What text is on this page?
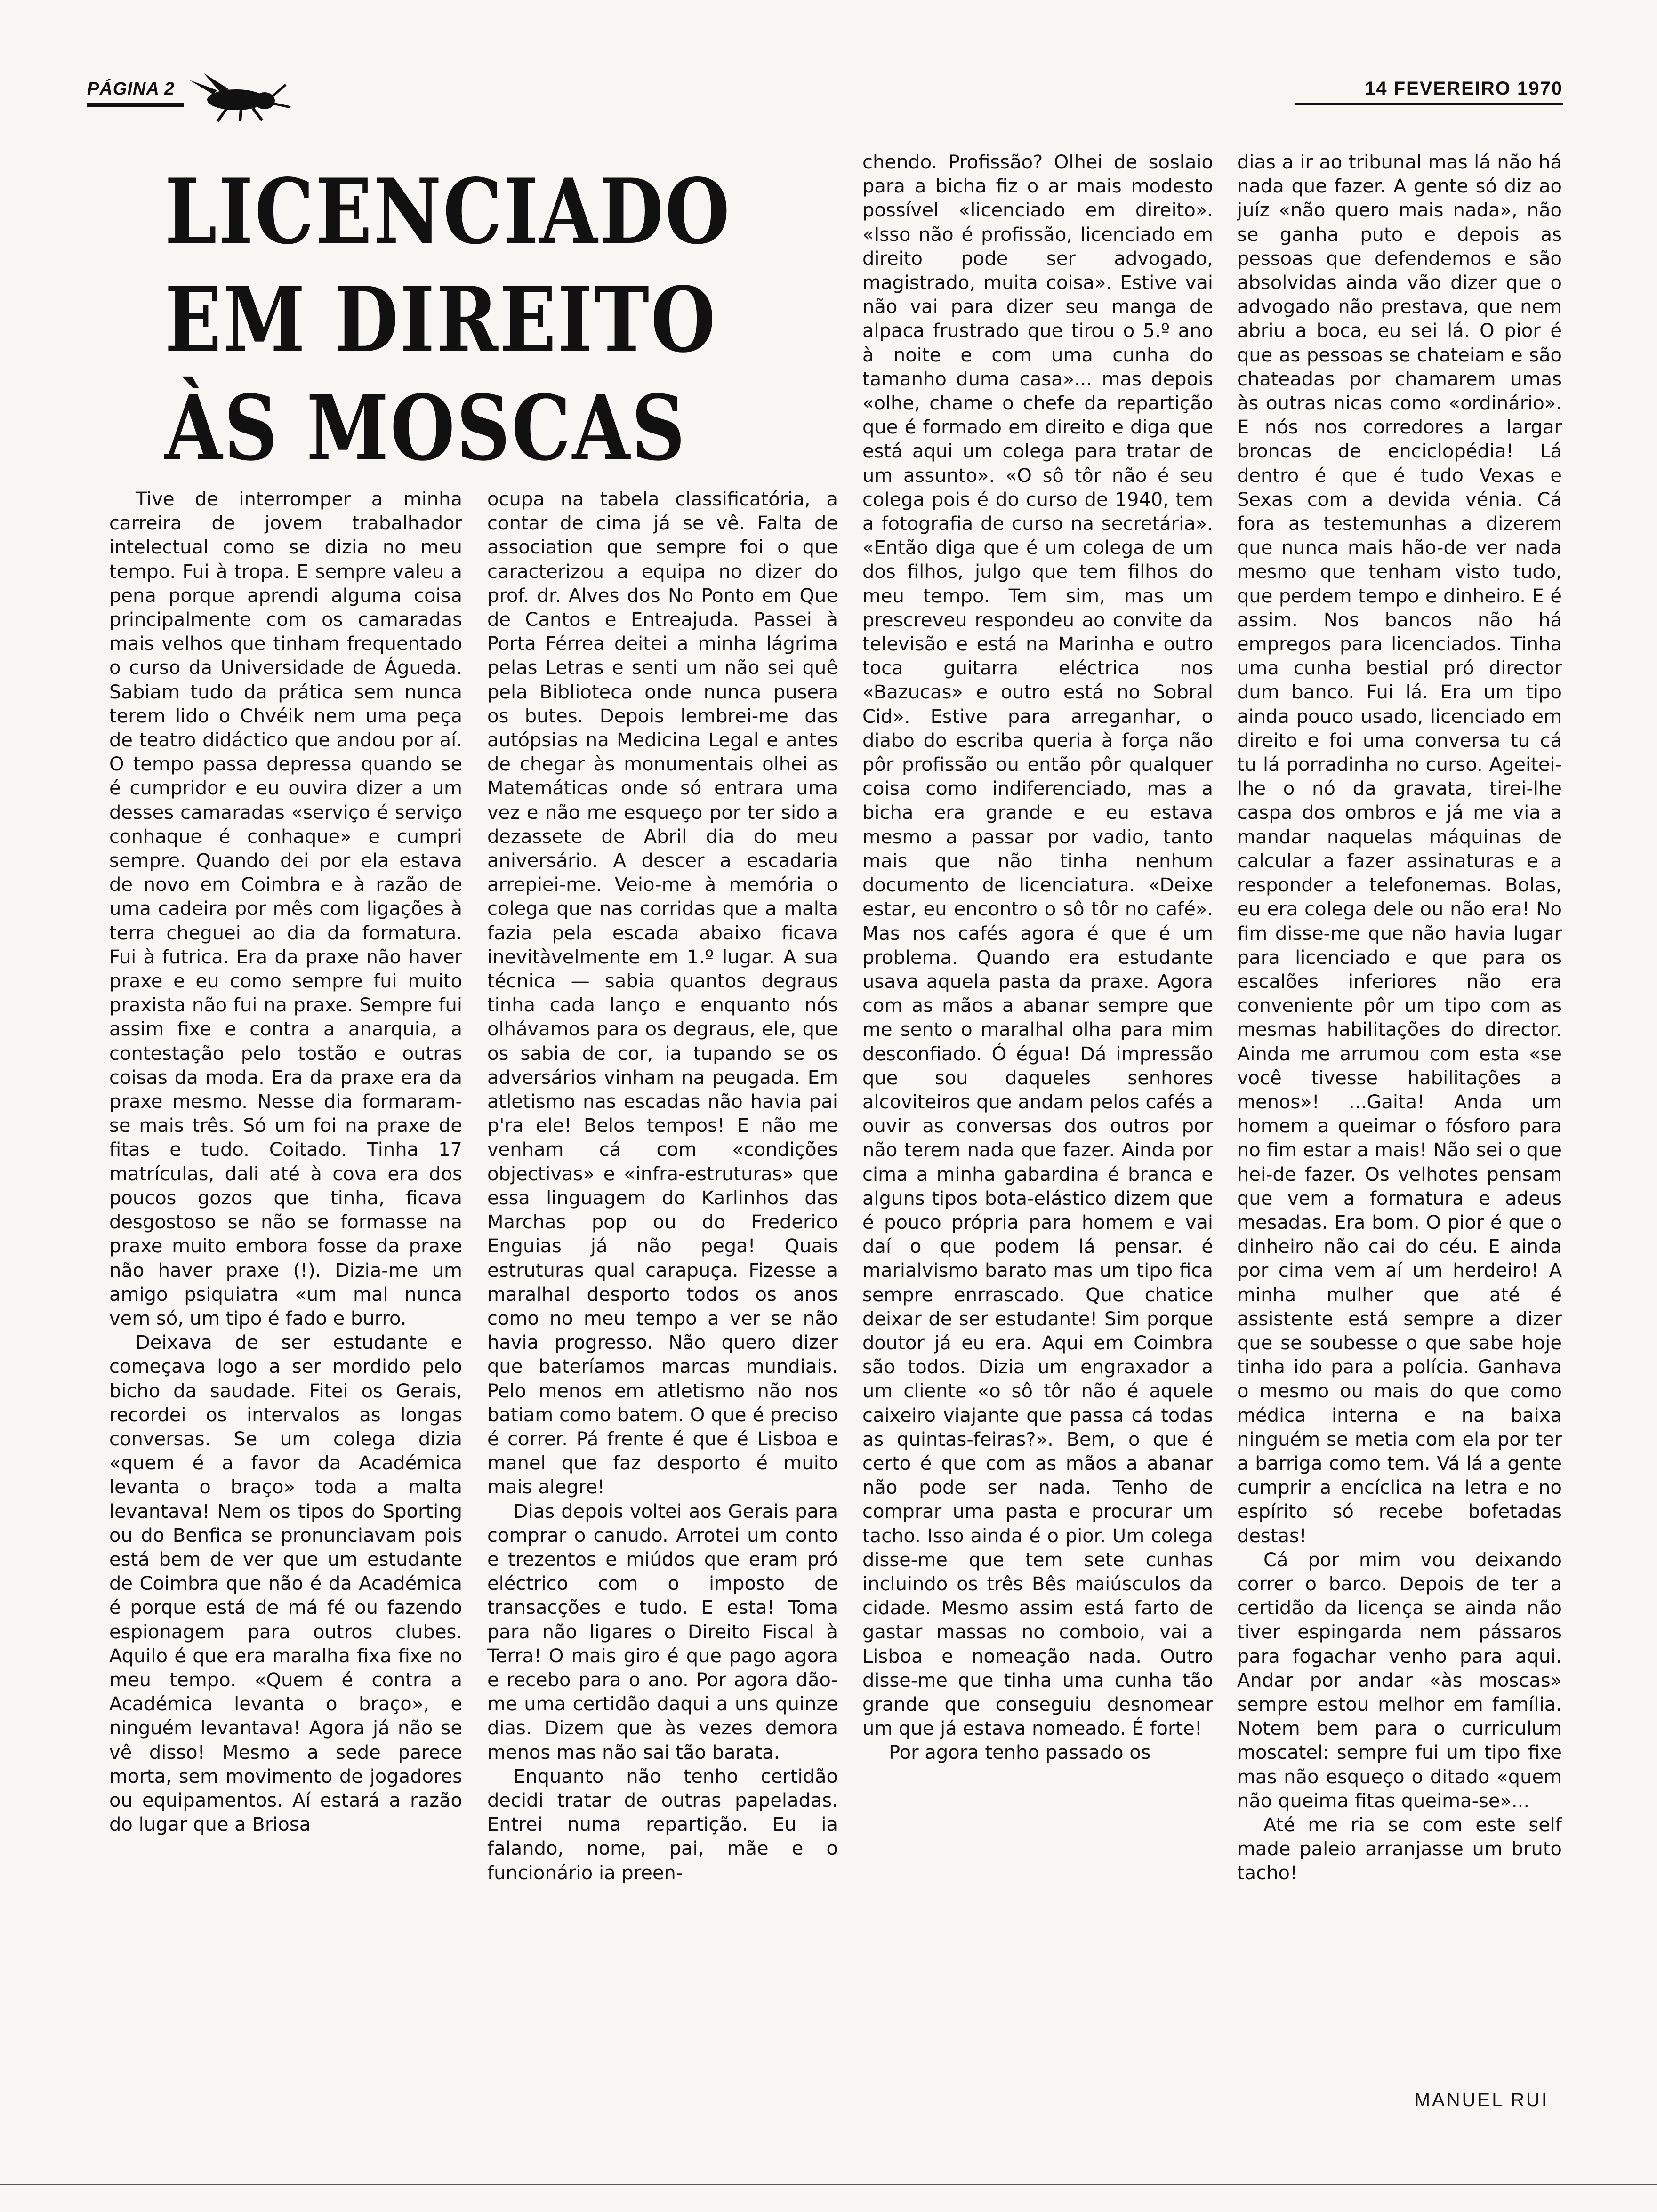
PÁGINA 2	14 FEVEREIRO 1970
LICENCIADO
EM DIREITO
ÀS MOSCAS

Tive de interromper a minha carreira de jovem trabalhador intelectual como se dizia no meu tempo. Fui à tropa. E sempre valeu a pena porque aprendi alguma coisa principalmente com os camaradas mais velhos que tinham frequentado o curso da Universidade de Águeda. Sabiam tudo da prática sem nunca terem lido o Chvéik nem uma peça de teatro didáctico que andou por aí. O tempo passa depressa quando se é cumpridor e eu ouvira dizer a um desses camaradas «serviço é serviço conhaque é conhaque» e cumpri sempre. Quando dei por ela estava de novo em Coimbra e à razão de uma cadeira por mês com ligações à terra cheguei ao dia da formatura. Fui à futrica. Era da praxe não haver praxe e eu como sempre fui muito praxista não fui na praxe. Sempre fui assim fixe e contra a anarquia, a contestação pelo tostão e outras coisas da moda. Era da praxe era da praxe mesmo. Nesse dia formaram-se mais três. Só um foi na praxe de fitas e tudo. Coitado. Tinha 17 matrículas, dali até à cova era dos poucos gozos que tinha, ficava desgostoso se não se formasse na praxe muito embora fosse da praxe não haver praxe (!). Dizia-me um amigo psiquiatra «um mal nunca vem só, um tipo é fado e burro.

Deixava de ser estudante e começava logo a ser mordido pelo bicho da saudade. Fitei os Gerais, recordei os intervalos as longas conversas. Se um colega dizia «quem é a favor da Académica levanta o braço» toda a malta levantava! Nem os tipos do Sporting ou do Benfica se pronunciavam pois está bem de ver que um estudante de Coimbra que não é da Académica é porque está de má fé ou fazendo espionagem para outros clubes. Aquilo é que era maralha fixa fixe no meu tempo. «Quem é contra a Académica levanta o braço», e ninguém levantava! Agora já não se vê disso! Mesmo a sede parece morta, sem movimento de jogadores ou equipamentos. Aí estará a razão do lugar que a Briosa

ocupa na tabela classificatória, a contar de cima já se vê. Falta de association que sempre foi o que caracterizou a equipa no dizer do prof. dr. Alves dos No Ponto em Que de Cantos e Entreajuda. Passei à Porta Férrea deitei a minha lágrima pelas Letras e senti um não sei quê pela Biblioteca onde nunca pusera os butes. Depois lembrei-me das autópsias na Medicina Legal e antes de chegar às monumentais olhei as Matemáticas onde só entrara uma vez e não me esqueço por ter sido a dezassete de Abril dia do meu aniversário. A descer a escadaria arrepiei-me. Veio-me à memória o colega que nas corridas que a malta fazia pela escada abaixo ficava inevitàvelmente em 1.º lugar. A sua técnica — sabia quantos degraus tinha cada lanço e enquanto nós olhávamos para os degraus, ele, que os sabia de cor, ia tupando se os adversários vinham na peugada. Em atletismo nas escadas não havia pai p'ra ele! Belos tempos! E não me venham cá com «condições objectivas» e «infra-estruturas» que essa linguagem do Karlinhos das Marchas pop ou do Frederico Enguias já não pega! Quais estruturas qual carapuça. Fizesse a maralhal desporto todos os anos como no meu tempo a ver se não havia progresso. Não quero dizer que bateríamos marcas mundiais. Pelo menos em atletismo não nos batiam como batem. O que é preciso é correr. Pá frente é que é Lisboa e manel que faz desporto é muito mais alegre!

Dias depois voltei aos Gerais para comprar o canudo. Arrotei um conto e trezentos e miúdos que eram pró eléctrico com o imposto de transacções e tudo. E esta! Toma para não ligares o Direito Fiscal à Terra! O mais giro é que pago agora e recebo para o ano. Por agora dão-me uma certidão daqui a uns quinze dias. Dizem que às vezes demora menos mas não sai tão barata.

Enquanto não tenho certidão decidi tratar de outras papeladas. Entrei numa repartição. Eu ia falando, nome, pai, mãe e o funcionário ia preen-

chendo. Profissão? Olhei de soslaio para a bicha fiz o ar mais modesto possível «licenciado em direito». «Isso não é profissão, licenciado em direito pode ser advogado, magistrado, muita coisa». Estive vai não vai para dizer seu manga de alpaca frustrado que tirou o 5.º ano à noite e com uma cunha do tamanho duma casa»... mas depois «olhe, chame o chefe da repartição que é formado em direito e diga que está aqui um colega para tratar de um assunto». «O sô tôr não é seu colega pois é do curso de 1940, tem a fotografia de curso na secretária». «Então diga que é um colega de um dos filhos, julgo que tem filhos do meu tempo. Tem sim, mas um prescreveu respondeu ao convite da televisão e está na Marinha e outro toca guitarra eléctrica nos «Bazucas» e outro está no Sobral Cid». Estive para arreganhar, o diabo do escriba queria à força não pôr profissão ou então pôr qualquer coisa como indiferenciado, mas a bicha era grande e eu estava mesmo a passar por vadio, tanto mais que não tinha nenhum documento de licenciatura. «Deixe estar, eu encontro o sô tôr no café». Mas nos cafés agora é que é um problema. Quando era estudante usava aquela pasta da praxe. Agora com as mãos a abanar sempre que me sento o maralhal olha para mim desconfiado. Ó égua! Dá impressão que sou daqueles senhores alcoviteiros que andam pelos cafés a ouvir as conversas dos outros por não terem nada que fazer. Ainda por cima a minha gabardina é branca e alguns tipos bota-elástico dizem que é pouco própria para homem e vai daí o que podem lá pensar. é marialvismo barato mas um tipo fica sempre enrrascado. Que chatice deixar de ser estudante! Sim porque doutor já eu era. Aqui em Coimbra são todos. Dizia um engraxador a um cliente «o sô tôr não é aquele caixeiro viajante que passa cá todas as quintas-feiras?». Bem, o que é certo é que com as mãos a abanar não pode ser nada. Tenho de comprar uma pasta e procurar um tacho. Isso ainda é o pior. Um colega disse-me que tem sete cunhas incluindo os três Bês maiúsculos da cidade. Mesmo assim está farto de gastar massas no comboio, vai a Lisboa e nomeação nada. Outro disse-me que tinha uma cunha tão grande que conseguiu desnomear um que já estava nomeado. É forte!

Por agora tenho passado os

dias a ir ao tribunal mas lá não há nada que fazer. A gente só diz ao juíz «não quero mais nada», não se ganha puto e depois as pessoas que defendemos e são absolvidas ainda vão dizer que o advogado não prestava, que nem abriu a boca, eu sei lá. O pior é que as pessoas se chateiam e são chateadas por chamarem umas às outras nicas como «ordinário». E nós nos corredores a largar broncas de enciclopédia! Lá dentro é que é tudo Vexas e Sexas com a devida vénia. Cá fora as testemunhas a dizerem que nunca mais hão-de ver nada mesmo que tenham visto tudo, que perdem tempo e dinheiro. E é assim. Nos bancos não há empregos para licenciados. Tinha uma cunha bestial pró director dum banco. Fui lá. Era um tipo ainda pouco usado, licenciado em direito e foi uma conversa tu cá tu lá porradinha no curso. Ageitei-lhe o nó da gravata, tirei-lhe caspa dos ombros e já me via a mandar naquelas máquinas de calcular a fazer assinaturas e a responder a telefonemas. Bolas, eu era colega dele ou não era! No fim disse-me que não havia lugar para licenciado e que para os escalões inferiores não era conveniente pôr um tipo com as mesmas habilitações do director. Ainda me arrumou com esta «se você tivesse habilitações a menos»! ...Gaita! Anda um homem a queimar o fósforo para no fim estar a mais! Não sei o que hei-de fazer. Os velhotes pensam que vem a formatura e adeus mesadas. Era bom. O pior é que o dinheiro não cai do céu. E ainda por cima vem aí um herdeiro! A minha mulher que até é assistente está sempre a dizer que se soubesse o que sabe hoje tinha ido para a polícia. Ganhava o mesmo ou mais do que como médica interna e na baixa ninguém se metia com ela por ter a barriga como tem. Vá lá a gente cumprir a encíclica na letra e no espírito só recebe bofetadas destas!

Cá por mim vou deixando correr o barco. Depois de ter a certidão da licença se ainda não tiver espingarda nem pássaros para fogachar venho para aqui. Andar por andar «às moscas» sempre estou melhor em família. Notem bem para o curriculum moscatel: sempre fui um tipo fixe mas não esqueço o ditado «quem não queima fitas queima-se»...

Até me ria se com este self made paleio arranjasse um bruto tacho!

MANUEL RUI
